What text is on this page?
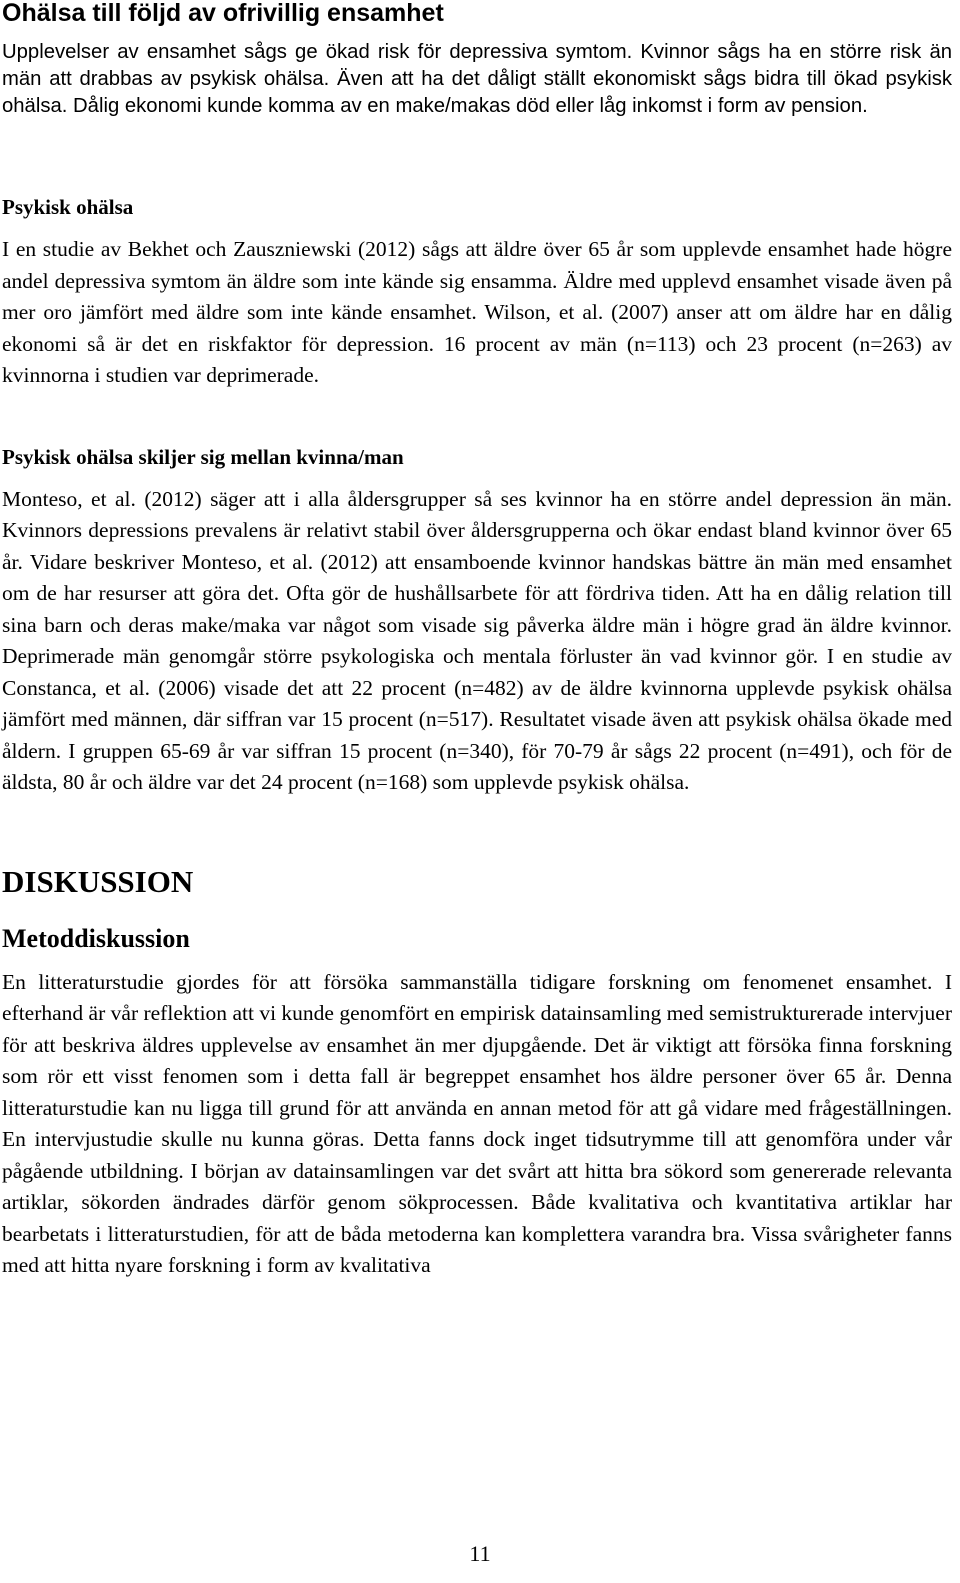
Ohälsa till följd av ofrivillig ensamhet

Upplevelser av ensamhet sågs ge ökad risk för depressiva symtom. Kvinnor sågs ha en större risk än män att drabbas av psykisk ohälsa. Även att ha det dåligt ställt ekonomiskt sågs bidra till ökad psykisk ohälsa. Dålig ekonomi kunde komma av en make/makas död eller låg inkomst i form av pension.

Psykisk ohälsa

I en studie av Bekhet och Zauszniewski (2012) sågs att äldre över 65 år som upplevde ensamhet hade högre andel depressiva symtom än äldre som inte kände sig ensamma. Äldre med upplevd ensamhet visade även på mer oro jämfört med äldre som inte kände ensamhet. Wilson, et al. (2007) anser att om äldre har en dålig ekonomi så är det en riskfaktor för depression. 16 procent av män (n=113) och 23 procent (n=263) av kvinnorna i studien var deprimerade.

Psykisk ohälsa skiljer sig mellan kvinna/man

Monteso, et al. (2012) säger att i alla åldersgrupper så ses kvinnor ha en större andel depression än män. Kvinnors depressions prevalens är relativt stabil över åldersgrupperna och ökar endast bland kvinnor över 65 år. Vidare beskriver Monteso, et al. (2012) att ensamboende kvinnor handskas bättre än män med ensamhet om de har resurser att göra det. Ofta gör de hushållsarbete för att fördriva tiden. Att ha en dålig relation till sina barn och deras make/maka var något som visade sig påverka äldre män i högre grad än äldre kvinnor. Deprimerade män genomgår större psykologiska och mentala förluster än vad kvinnor gör. I en studie av Constanca, et al. (2006) visade det att 22 procent (n=482) av de äldre kvinnorna upplevde psykisk ohälsa jämfört med männen, där siffran var 15 procent (n=517). Resultatet visade även att psykisk ohälsa ökade med åldern. I gruppen 65-69 år var siffran 15 procent (n=340), för 70-79 år sågs 22 procent (n=491), och för de äldsta, 80 år och äldre var det 24 procent (n=168) som upplevde psykisk ohälsa.

DISKUSSION
Metoddiskussion

En litteraturstudie gjordes för att försöka sammanställa tidigare forskning om fenomenet ensamhet. I efterhand är vår reflektion att vi kunde genomfört en empirisk datainsamling med semistrukturerade intervjuer för att beskriva äldres upplevelse av ensamhet än mer djupgående. Det är viktigt att försöka finna forskning som rör ett visst fenomen som i detta fall är begreppet ensamhet hos äldre personer över 65 år. Denna litteraturstudie kan nu ligga till grund för att använda en annan metod för att gå vidare med frågeställningen. En intervjustudie skulle nu kunna göras. Detta fanns dock inget tidsutrymme till att genomföra under vår pågående utbildning. I början av datainsamlingen var det svårt att hitta bra sökord som genererade relevanta artiklar, sökorden ändrades därför genom sökprocessen. Både kvalitativa och kvantitativa artiklar har bearbetats i litteraturstudien, för att de båda metoderna kan komplettera varandra bra. Vissa svårigheter fanns med att hitta nyare forskning i form av kvalitativa

11
